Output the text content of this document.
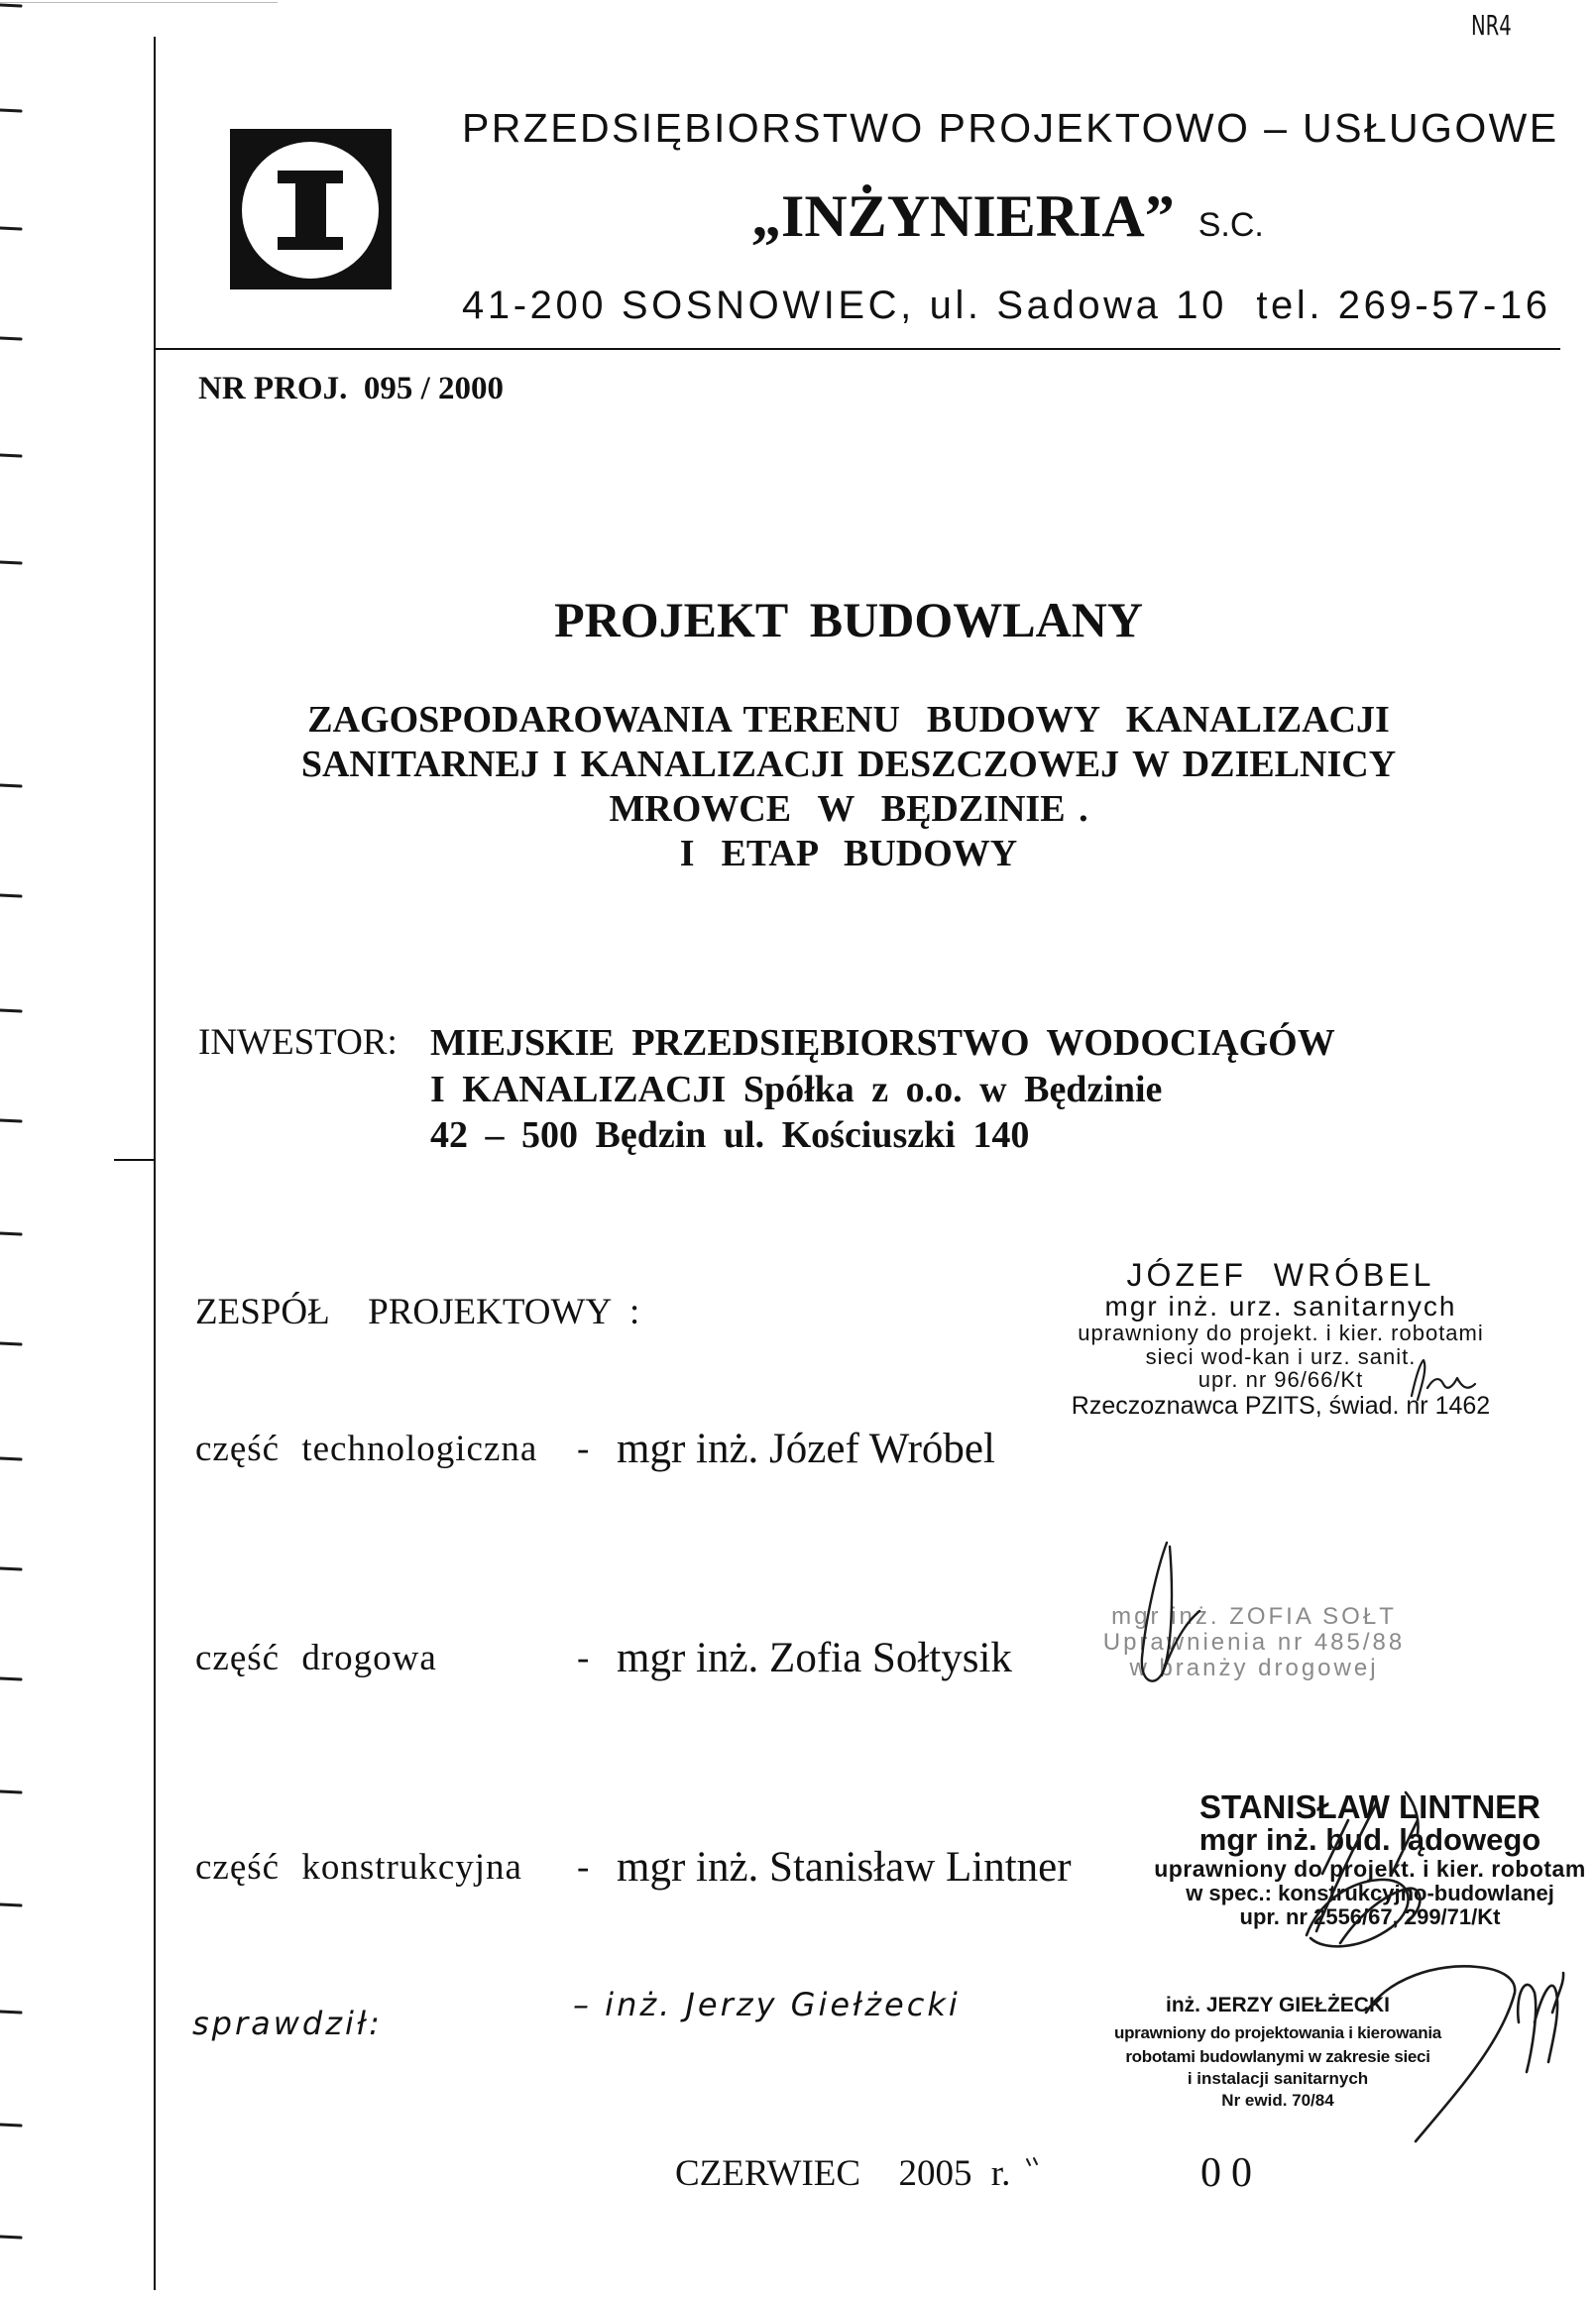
NR4
PRZEDSIĘBIORSTWO PROJEKTOWO – USŁUGOWE
„INŻYNIERIA” S.C.
41-200 SOSNOWIEC, ul. Sadowa 10  tel. 269-57-16
NR PROJ.  095 / 2000
PROJEKT BUDOWLANY
ZAGOSPODAROWANIA TERENU  BUDOWY  KANALIZACJI
SANITARNEJ I KANALIZACJI DESZCZOWEJ W DZIELNICY
MROWCE  W  BĘDZINIE .
I  ETAP  BUDOWY
INWESTOR: MIEJSKIE PRZEDSIĘBIORSTWO WODOCIĄGÓW
I KANALIZACJI Spółka z o.o. w Będzinie
42 – 500 Będzin ul. Kościuszki 140
ZESPÓŁ  PROJEKTOWY :
część technologiczna - mgr inż. Józef Wróbel
część drogowa	- mgr inż. Zofia Sołtysik
część konstrukcyjna - mgr inż. Stanisław Lintner
sprawdził:	– inż. Jerzy Giełżecki
JÓZEF WRÓBEL
mgr inż. urz. sanitarnych
uprawniony do projekt. i kier. robotami
sieci wod-kan i urz. sanit.
upr. nr 96/66/Kt
Rzeczoznawca PZITS, świad. nr 1462
mgr inż. ZOFIA SOŁT
Uprawnienia nr 485/88
w branży drogowej
STANISŁAW LINTNER
mgr inż. bud. lądowego
uprawniony do projekt. i kier. robotam
w spec.: konstrukcyjno-budowlanej
upr. nr 2556/67, 299/71/Kt
inż. JERZY GIEŁŻECKI
uprawniony do projektowania i kierowania
robotami budowlanymi w zakresie sieci
i instalacji sanitarnych
Nr ewid. 70/84
CZERWIEC  2005 r.	00
